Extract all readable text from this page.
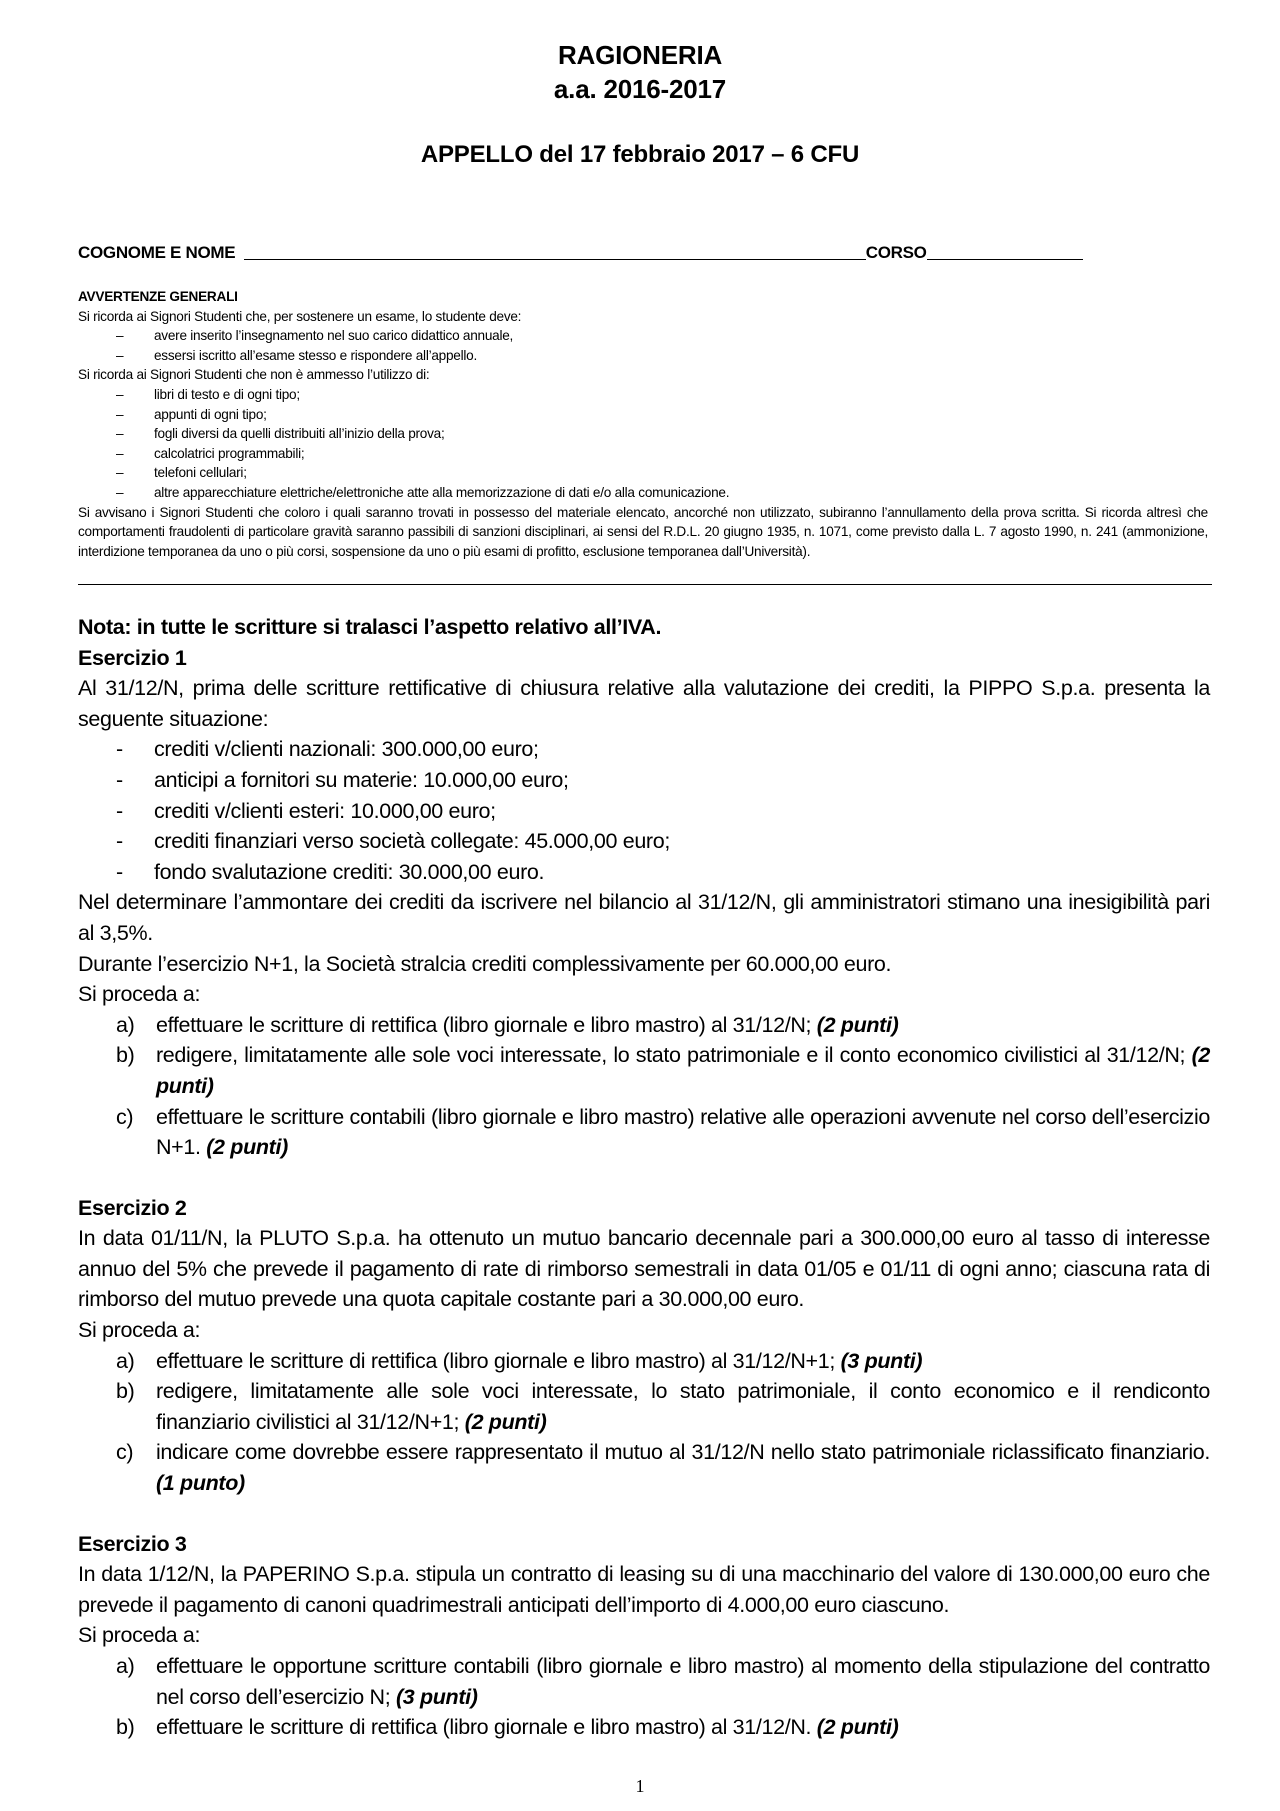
RAGIONERIA
a.a. 2016-2017
APPELLO del 17 febbraio 2017 – 6 CFU
COGNOME E NOME	CORSO
AVVERTENZE GENERALI
Si ricorda ai Signori Studenti che, per sostenere un esame, lo studente deve:
– avere inserito l’insegnamento nel suo carico didattico annuale,
– essersi iscritto all’esame stesso e rispondere all’appello.
Si ricorda ai Signori Studenti che non è ammesso l’utilizzo di:
– libri di testo e di ogni tipo;
– appunti di ogni tipo;
– fogli diversi da quelli distribuiti all’inizio della prova;
– calcolatrici programmabili;
– telefoni cellulari;
– altre apparecchiature elettriche/elettroniche atte alla memorizzazione di dati e/o alla comunicazione.
Si avvisano i Signori Studenti che coloro i quali saranno trovati in possesso del materiale elencato, ancorché non utilizzato, subiranno l’annullamento della prova scritta. Si ricorda altresì che comportamenti fraudolenti di particolare gravità saranno passibili di sanzioni disciplinari, ai sensi del R.D.L. 20 giugno 1935, n. 1071, come previsto dalla L. 7 agosto 1990, n. 241 (ammonizione, interdizione temporanea da uno o più corsi, sospensione da uno o più esami di profitto, esclusione temporanea dall’Università).
Nota: in tutte le scritture si tralasci l’aspetto relativo all’IVA.
Esercizio 1
Al 31/12/N, prima delle scritture rettificative di chiusura relative alla valutazione dei crediti, la PIPPO S.p.a. presenta la
seguente situazione:
- crediti v/clienti nazionali: 300.000,00 euro;
- anticipi a fornitori su materie: 10.000,00 euro;
- crediti v/clienti esteri: 10.000,00 euro;
- crediti finanziari verso società collegate: 45.000,00 euro;
- fondo svalutazione crediti: 30.000,00 euro.
Nel determinare l’ammontare dei crediti da iscrivere nel bilancio al 31/12/N, gli amministratori stimano una inesigibilità pari al 3,5%.
Durante l’esercizio N+1, la Società stralcia crediti complessivamente per 60.000,00 euro.
Si proceda a:
a) effettuare le scritture di rettifica (libro giornale e libro mastro) al 31/12/N; (2 punti)
b) redigere, limitatamente alle sole voci interessate, lo stato patrimoniale e il conto economico civilistici al 31/12/N; (2 punti)
c) effettuare le scritture contabili (libro giornale e libro mastro) relative alle operazioni avvenute nel corso dell’esercizio N+1. (2 punti)
Esercizio 2
In data 01/11/N, la PLUTO S.p.a. ha ottenuto un mutuo bancario decennale pari a 300.000,00 euro al tasso di interesse annuo del 5% che prevede il pagamento di rate di rimborso semestrali in data 01/05 e 01/11 di ogni anno; ciascuna rata di rimborso del mutuo prevede una quota capitale costante pari a 30.000,00 euro.
Si proceda a:
a) effettuare le scritture di rettifica (libro giornale e libro mastro) al 31/12/N+1; (3 punti)
b) redigere, limitatamente alle sole voci interessate, lo stato patrimoniale, il conto economico e il rendiconto finanziario civilistici al 31/12/N+1; (2 punti)
c) indicare come dovrebbe essere rappresentato il mutuo al 31/12/N nello stato patrimoniale riclassificato finanziario. (1 punto)
Esercizio 3
In data 1/12/N, la PAPERINO S.p.a. stipula un contratto di leasing su di una macchinario del valore di 130.000,00 euro che prevede il pagamento di canoni quadrimestrali anticipati dell’importo di 4.000,00 euro ciascuno.
Si proceda a:
a) effettuare le opportune scritture contabili (libro giornale e libro mastro) al momento della stipulazione del contratto nel corso dell’esercizio N; (3 punti)
b) effettuare le scritture di rettifica (libro giornale e libro mastro) al 31/12/N. (2 punti)
1
